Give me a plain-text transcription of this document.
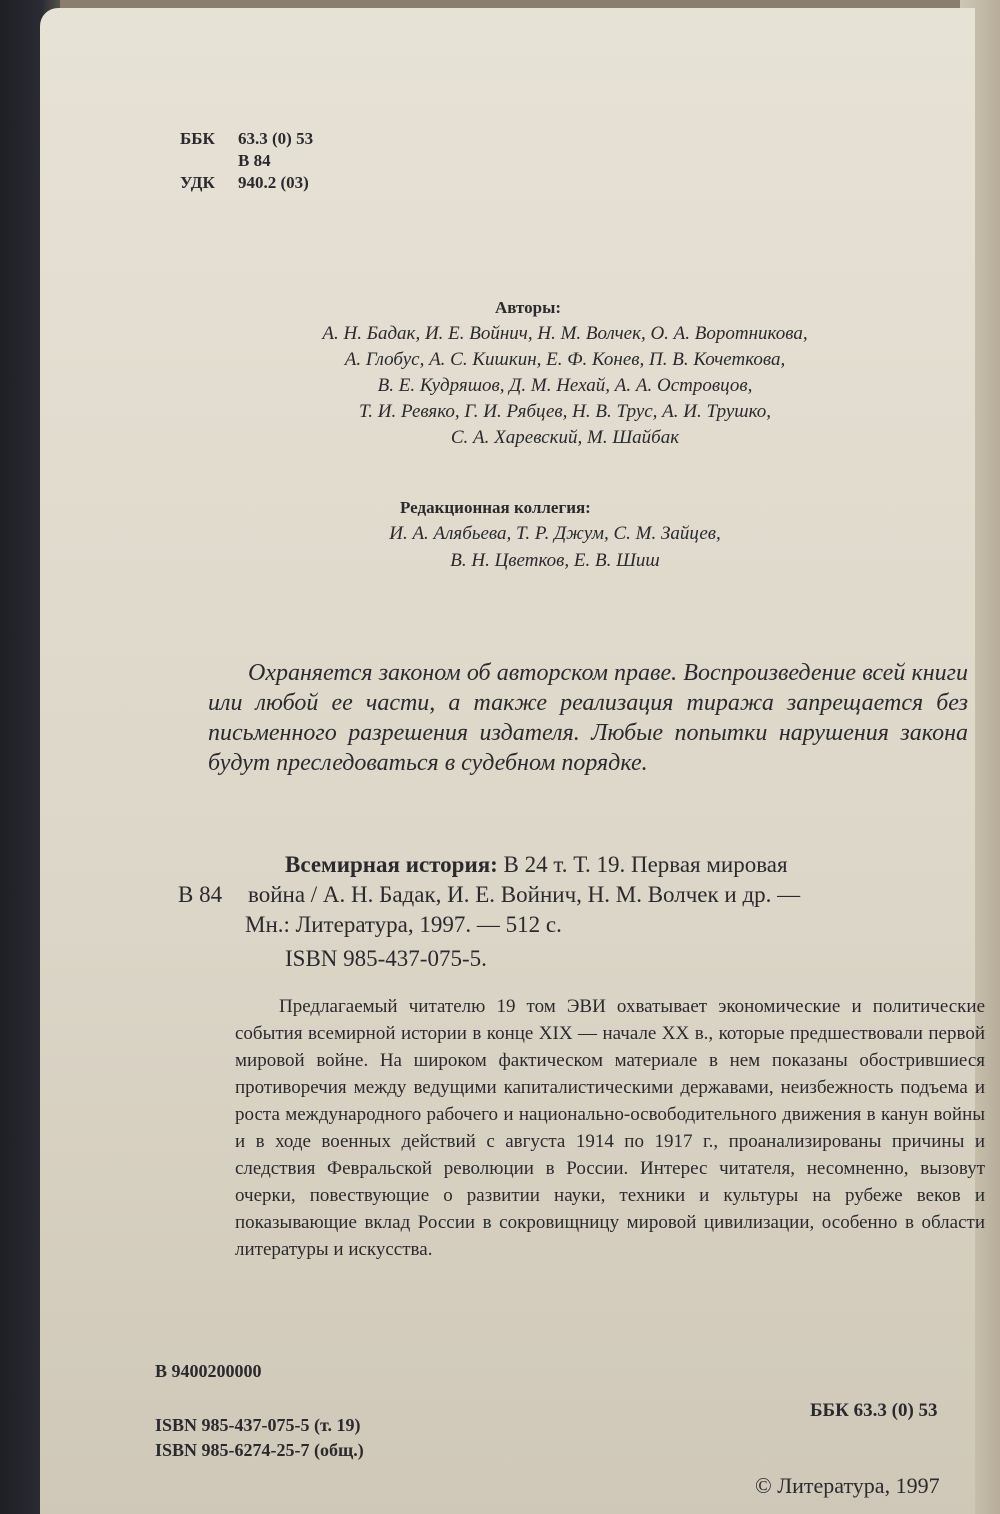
ББК 63.3 (0) 53
В 84
УДК 940.2 (03)
Авторы:
А. Н. Бадак, И. Е. Войнич, Н. М. Волчек, О. А. Воротникова,
А. Глобус, А. С. Кишкин, Е. Ф. Конев, П. В. Кочеткова,
В. Е. Кудряшов, Д. М. Нехай, А. А. Островцов,
Т. И. Ревяко, Г. И. Рябцев, Н. В. Трус, А. И. Трушко,
С. А. Харевский, М. Шайбак
Редакционная коллегия:
И. А. Алябьева, Т. Р. Джум, С. М. Зайцев,
В. Н. Цветков, Е. В. Шиш

Охраняется законом об авторском праве. Воспроизведение всей книги или любой ее части, а также реализация тиража запрещается без письменного разрешения издателя. Любые попытки нарушения закона будут преследоваться в судебном порядке.

Всемирная история: В 24 т. Т. 19. Первая мировая
В 84 война / А. Н. Бадак, И. Е. Войнич, Н. М. Волчек и др. —
Мн.: Литература, 1997. — 512 с.
ISBN 985-437-075-5.

Предлагаемый читателю 19 том ЭВИ охватывает экономические и политические события всемирной истории в конце XIX — начале XX в., которые предшествовали первой мировой войне. На широком фактическом материале в нем показаны обострившиеся противоречия между ведущими капиталистическими державами, неизбежность подъема и роста международного рабочего и национально-освободительного движения в канун войны и в ходе военных действий с августа 1914 по 1917 г., проанализированы причины и следствия Февральской революции в России. Интерес читателя, несомненно, вызовут очерки, повествующие о развитии науки, техники и культуры на рубеже веков и показывающие вклад России в сокровищницу мировой цивилизации, особенно в области литературы и искусства.

В 9400200000
ISBN 985-437-075-5 (т. 19)
ISBN 985-6274-25-7 (общ.)
ББК 63.3 (0) 53
© Литература, 1997
